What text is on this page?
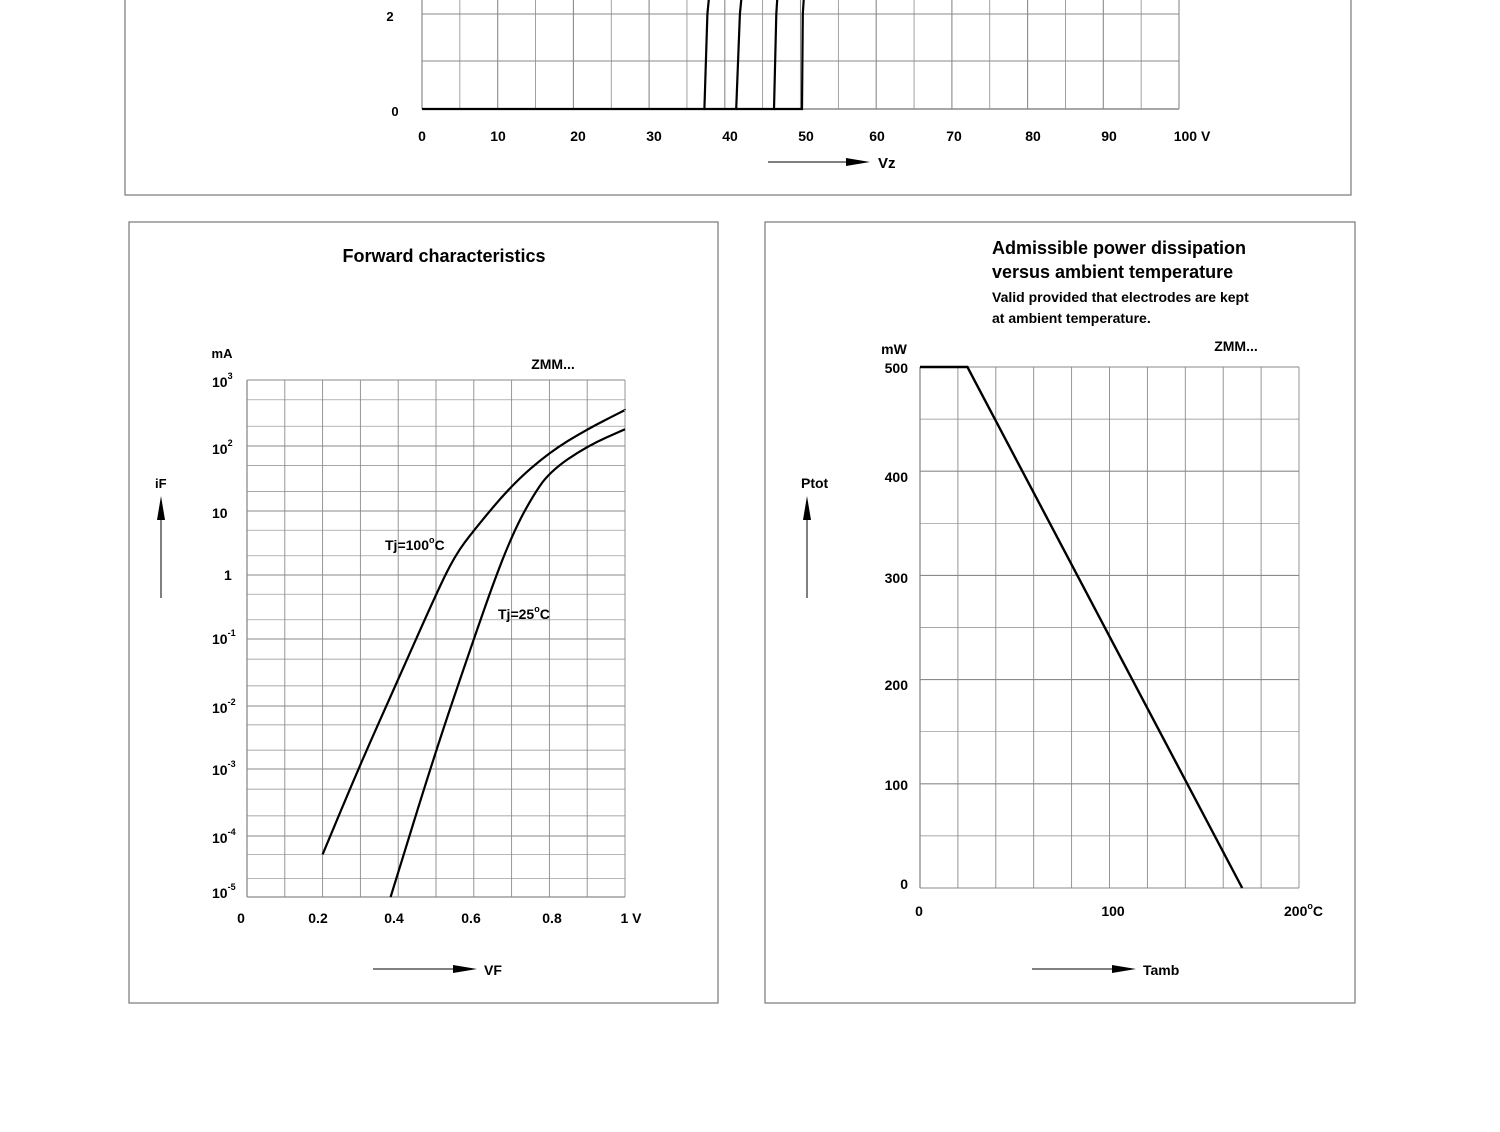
0
2
0	10	20	30	40	50	60	70	80	90	100 V
Vz
Forward characteristics
mA
ZMM...
$10^3$
$10^2$
10
1
$10^{-1}$
$10^{-2}$
$10^{-3}$
$10^{-4}$
$10^{-5}$
0	0.2	0.4	0.6	0.8	1 V
iF
VF
$Tj=100^oC$
$Tj=25^oC$
Admissible power dissipation
versus ambient temperature
Valid provided that electrodes are kept
at ambient temperature.
mW	ZMM...
0
100
200
300
400
500
0	100	200$^o$C
Ptot
Tamb
